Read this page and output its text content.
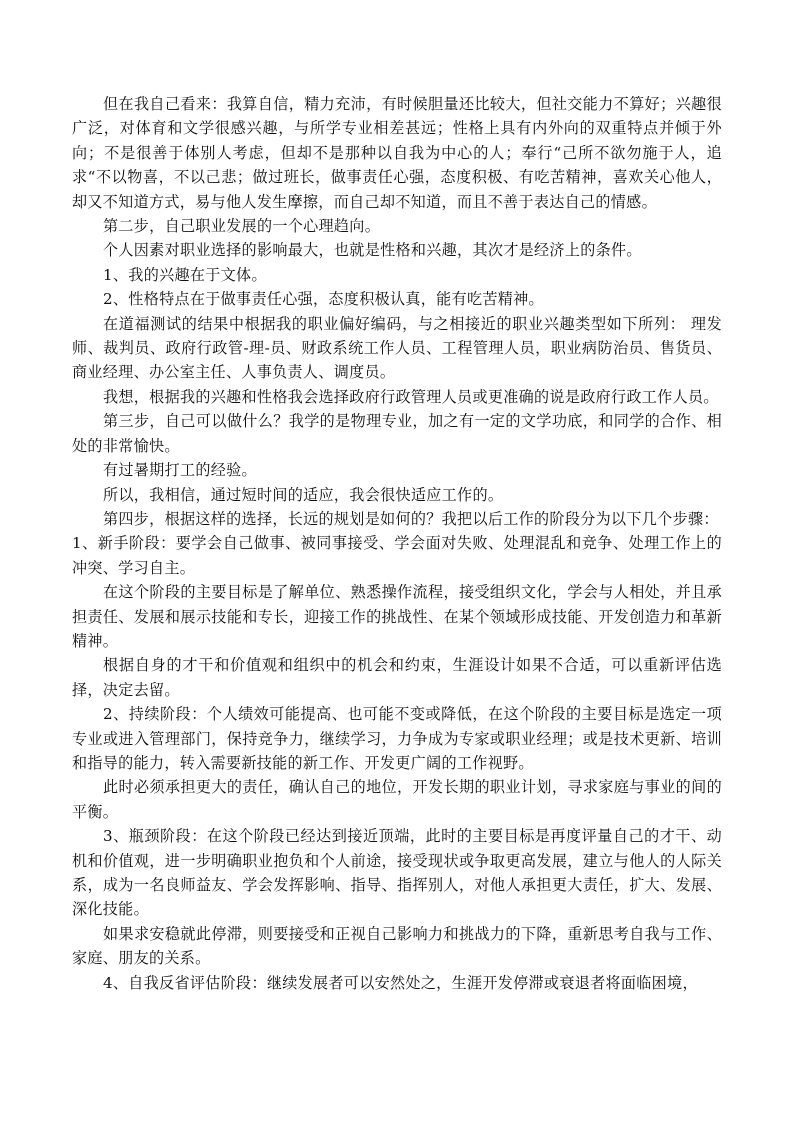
但在我自己看来：我算自信，精力充沛，有时候胆量还比较大，但社交能力不算好；兴趣很广泛，对体育和文学很感兴趣，与所学专业相差甚远；性格上具有内外向的双重特点并倾于外向；不是很善于体别人考虑，但却不是那种以自我为中心的人；奉行“己所不欲勿施于人，追求“不以物喜，不以己悲；做过班长，做事责任心强，态度积极、有吃苦精神，喜欢关心他人，却又不知道方式，易与他人发生摩擦，而自己却不知道，而且不善于表达自己的情感。

第二步，自己职业发展的一个心理趋向。

个人因素对职业选择的影响最大，也就是性格和兴趣，其次才是经济上的条件。

1、我的兴趣在于文体。

2、性格特点在于做事责任心强，态度积极认真，能有吃苦精神。

在道福测试的结果中根据我的职业偏好编码，与之相接近的职业兴趣类型如下所列： 理发师、裁判员、政府行政管-理-员、财政系统工作人员、工程管理人员，职业病防治员、售货员、商业经理、办公室主任、人事负责人、调度员。

我想，根据我的兴趣和性格我会选择政府行政管理人员或更准确的说是政府行政工作人员。

第三步，自己可以做什么？我学的是物理专业，加之有一定的文学功底，和同学的合作、相处的非常愉快。

有过暑期打工的经验。

所以，我相信，通过短时间的适应，我会很快适应工作的。

第四步，根据这样的选择，长远的规划是如何的？我把以后工作的阶段分为以下几个步骤：

1、新手阶段：要学会自己做事、被同事接受、学会面对失败、处理混乱和竞争、处理工作上的冲突、学习自主。

在这个阶段的主要目标是了解单位、熟悉操作流程，接受组织文化，学会与人相处，并且承担责任、发展和展示技能和专长，迎接工作的挑战性、在某个领域形成技能、开发创造力和革新精神。

根据自身的才干和价值观和组织中的机会和约束，生涯设计如果不合适，可以重新评估选择，决定去留。

2、持续阶段：个人绩效可能提高、也可能不变或降低，在这个阶段的主要目标是选定一项专业或进入管理部门，保持竞争力，继续学习，力争成为专家或职业经理；或是技术更新、培训和指导的能力，转入需要新技能的新工作、开发更广阔的工作视野。

此时必须承担更大的责任，确认自己的地位，开发长期的职业计划，寻求家庭与事业的间的平衡。

3、瓶颈阶段：在这个阶段已经达到接近顶端，此时的主要目标是再度评量自己的才干、动机和价值观，进一步明确职业抱负和个人前途，接受现状或争取更高发展，建立与他人的人际关系，成为一名良师益友、学会发挥影响、指导、指挥别人，对他人承担更大责任，扩大、发展、深化技能。

如果求安稳就此停滞，则要接受和正视自己影响力和挑战力的下降，重新思考自我与工作、家庭、朋友的关系。

4、自我反省评估阶段：继续发展者可以安然处之，生涯开发停滞或衰退者将面临困境，
